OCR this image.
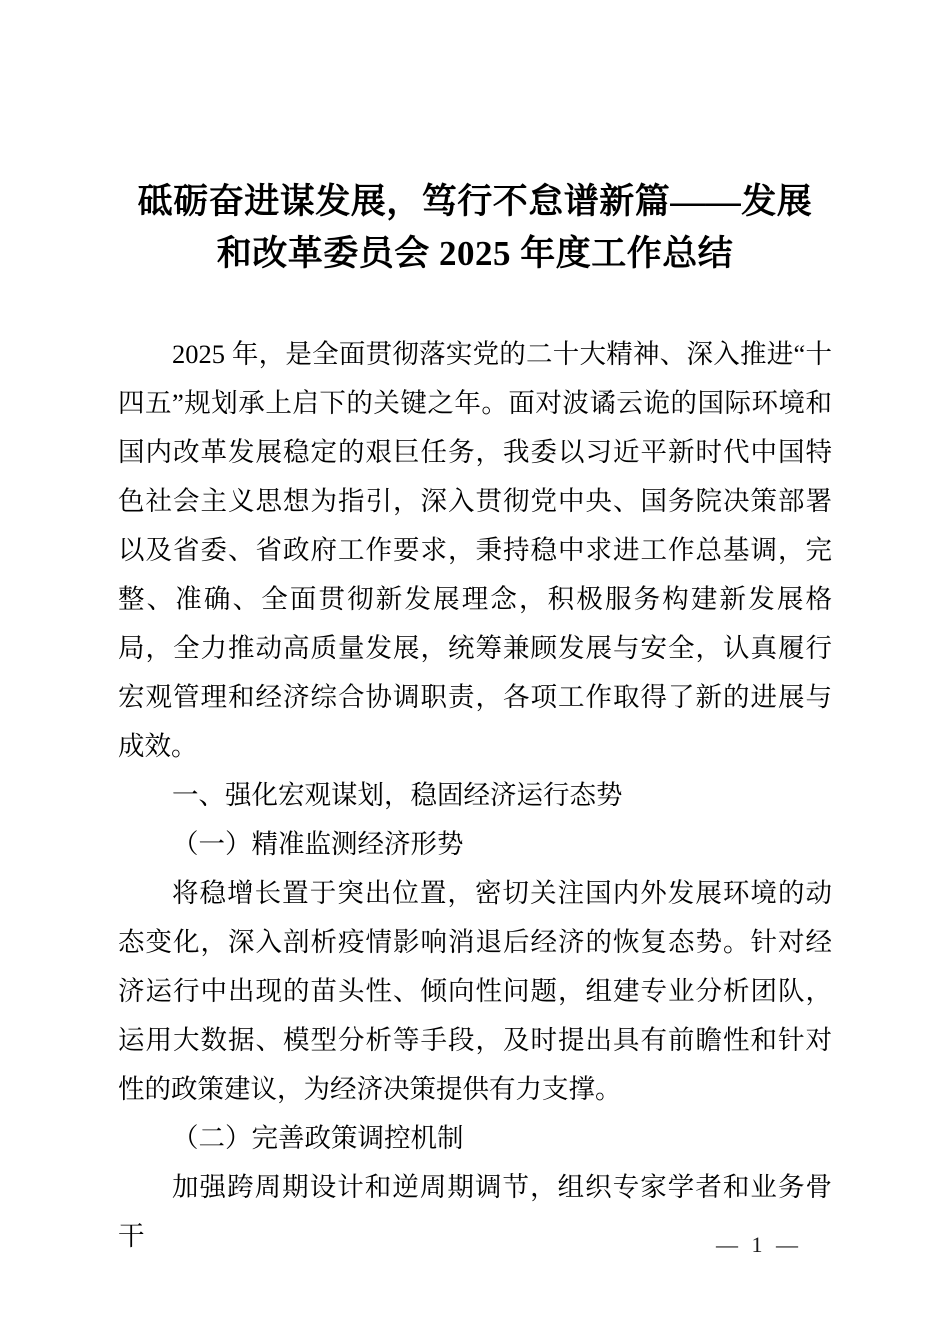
砥砺奋进谋发展，笃行不怠谱新篇——发展
和改革委员会 2025 年度工作总结

2025 年，是全面贯彻落实党的二十大精神、深入推进“十四五”规划承上启下的关键之年。面对波谲云诡的国际环境和国内改革发展稳定的艰巨任务，我委以习近平新时代中国特色社会主义思想为指引，深入贯彻党中央、国务院决策部署以及省委、省政府工作要求，秉持稳中求进工作总基调，完整、准确、全面贯彻新发展理念，积极服务构建新发展格局，全力推动高质量发展，统筹兼顾发展与安全，认真履行宏观管理和经济综合协调职责，各项工作取得了新的进展与成效。

一、强化宏观谋划，稳固经济运行态势

（一）精准监测经济形势

将稳增长置于突出位置，密切关注国内外发展环境的动态变化，深入剖析疫情影响消退后经济的恢复态势。针对经济运行中出现的苗头性、倾向性问题，组建专业分析团队，运用大数据、模型分析等手段，及时提出具有前瞻性和针对性的政策建议，为经济决策提供有力支撑。

（二）完善政策调控机制

加强跨周期设计和逆周期调节，组织专家学者和业务骨干	— 1 —
